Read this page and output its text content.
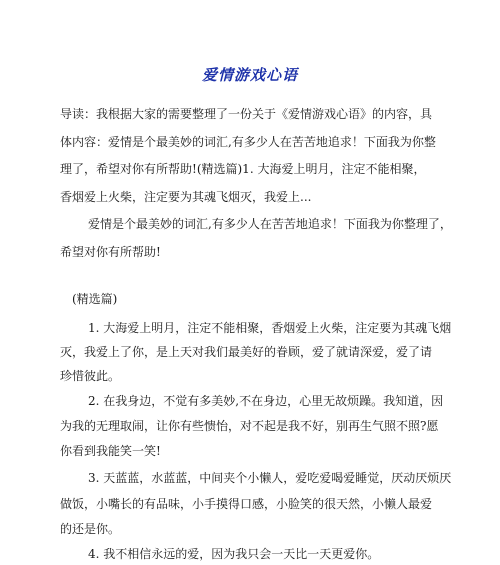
爱情游戏心语
导读：我根据大家的需要整理了一份关于《爱情游戏心语》的内容，具
体内容：爱情是个最美妙的词汇,有多少人在苦苦地追求！下面我为你整
理了，希望对你有所帮助!(精选篇)1. 大海爱上明月，注定不能相聚，
香烟爱上火柴，注定要为其魂飞烟灭，我爱上...
爱情是个最美妙的词汇,有多少人在苦苦地追求！下面我为你整理了，
希望对你有所帮助!
(精选篇)
1. 大海爱上明月，注定不能相聚，香烟爱上火柴，注定要为其魂飞烟
灭，我爱上了你，是上天对我们最美好的眷顾，爱了就请深爱，爱了请
珍惜彼此。
2. 在我身边，不觉有多美妙,不在身边，心里无故烦躁。我知道，因
为我的无理取闹，让你有些愦怡，对不起是我不好，别再生气照不照?愿
你看到我能笑一笑!
3. 天蓝蓝，水蓝蓝，中间夹个小懒人，爱吃爱喝爱睡觉，厌动厌烦厌
做饭，小嘴长的有品味，小手摸得口感，小脸笑的很天然，小懒人最爱
的还是你。
4. 我不相信永远的爱，因为我只会一天比一天更爱你。
